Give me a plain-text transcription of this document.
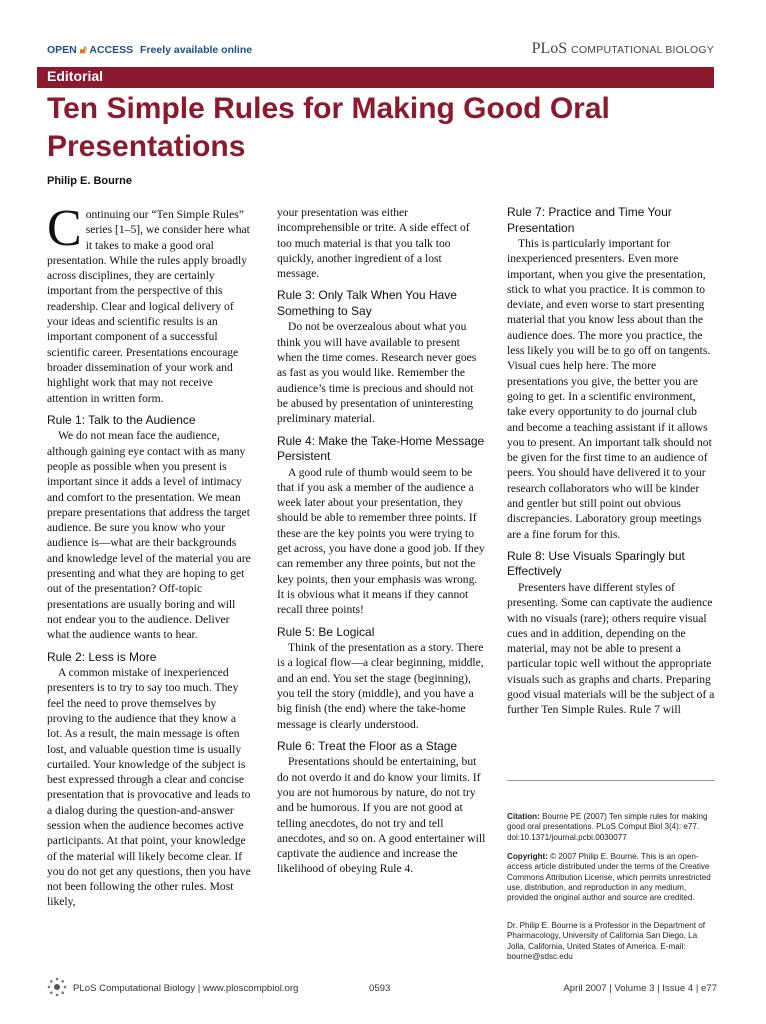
OPEN 🔓︎ ACCESS Freely available online	PLoS COMPUTATIONAL BIOLOGY
Editorial
Ten Simple Rules for Making Good Oral Presentations
Philip E. Bourne

Continuing our “Ten Simple Rules” series [1–5], we consider here what it takes to make a good oral presentation. While the rules apply broadly across disciplines, they are certainly important from the perspective of this readership. Clear and logical delivery of your ideas and scientific results is an important component of a successful scientific career. Presentations encourage broader dissemination of your work and highlight work that may not receive attention in written form.

Rule 1: Talk to the Audience

We do not mean face the audience, although gaining eye contact with as many people as possible when you present is important since it adds a level of intimacy and comfort to the presentation. We mean prepare presentations that address the target audience. Be sure you know who your audience is—what are their backgrounds and knowledge level of the material you are presenting and what they are hoping to get out of the presentation? Off-topic presentations are usually boring and will not endear you to the audience. Deliver what the audience wants to hear.

Rule 2: Less is More

A common mistake of inexperienced presenters is to try to say too much. They feel the need to prove themselves by proving to the audience that they know a lot. As a result, the main message is often lost, and valuable question time is usually curtailed. Your knowledge of the subject is best expressed through a clear and concise presentation that is provocative and leads to a dialog during the question-and-answer session when the audience becomes active participants. At that point, your knowledge of the material will likely become clear. If you do not get any questions, then you have not been following the other rules. Most likely,

your presentation was either incomprehensible or trite. A side effect of too much material is that you talk too quickly, another ingredient of a lost message.

Rule 3: Only Talk When You Have Something to Say

Do not be overzealous about what you think you will have available to present when the time comes. Research never goes as fast as you would like. Remember the audience’s time is precious and should not be abused by presentation of uninteresting preliminary material.

Rule 4: Make the Take-Home Message Persistent

A good rule of thumb would seem to be that if you ask a member of the audience a week later about your presentation, they should be able to remember three points. If these are the key points you were trying to get across, you have done a good job. If they can remember any three points, but not the key points, then your emphasis was wrong. It is obvious what it means if they cannot recall three points!

Rule 5: Be Logical

Think of the presentation as a story. There is a logical flow—a clear beginning, middle, and an end. You set the stage (beginning), you tell the story (middle), and you have a big finish (the end) where the take-home message is clearly understood.

Rule 6: Treat the Floor as a Stage

Presentations should be entertaining, but do not overdo it and do know your limits. If you are not humorous by nature, do not try and be humorous. If you are not good at telling anecdotes, do not try and tell anecdotes, and so on. A good entertainer will captivate the audience and increase the likelihood of obeying Rule 4.

Rule 7: Practice and Time Your Presentation

This is particularly important for inexperienced presenters. Even more important, when you give the presentation, stick to what you practice. It is common to deviate, and even worse to start presenting material that you know less about than the audience does. The more you practice, the less likely you will be to go off on tangents. Visual cues help here. The more presentations you give, the better you are going to get. In a scientific environment, take every opportunity to do journal club and become a teaching assistant if it allows you to present. An important talk should not be given for the first time to an audience of peers. You should have delivered it to your research collaborators who will be kinder and gentler but still point out obvious discrepancies. Laboratory group meetings are a fine forum for this.

Rule 8: Use Visuals Sparingly but Effectively

Presenters have different styles of presenting. Some can captivate the audience with no visuals (rare); others require visual cues and in addition, depending on the material, may not be able to present a particular topic well without the appropriate visuals such as graphs and charts. Preparing good visual materials will be the subject of a further Ten Simple Rules. Rule 7 will

Citation: Bourne PE (2007) Ten simple rules for making good oral presentations. PLoS Comput Biol 3(4): e77. doi:10.1371/journal.pcbi.0030077
Copyright: © 2007 Philip E. Bourne. This is an open-access article distributed under the terms of the Creative Commons Attribution License, which permits unrestricted use, distribution, and reproduction in any medium, provided the original author and source are credited.
Dr. Philip E. Bourne is a Professor in the Department of Pharmacology, University of California San Diego, La Jolla, California, United States of America. E-mail: bourne@sdsc.edu
PLoS Computational Biology | www.ploscompbiol.org	0593	April 2007 | Volume 3 | Issue 4 | e77
